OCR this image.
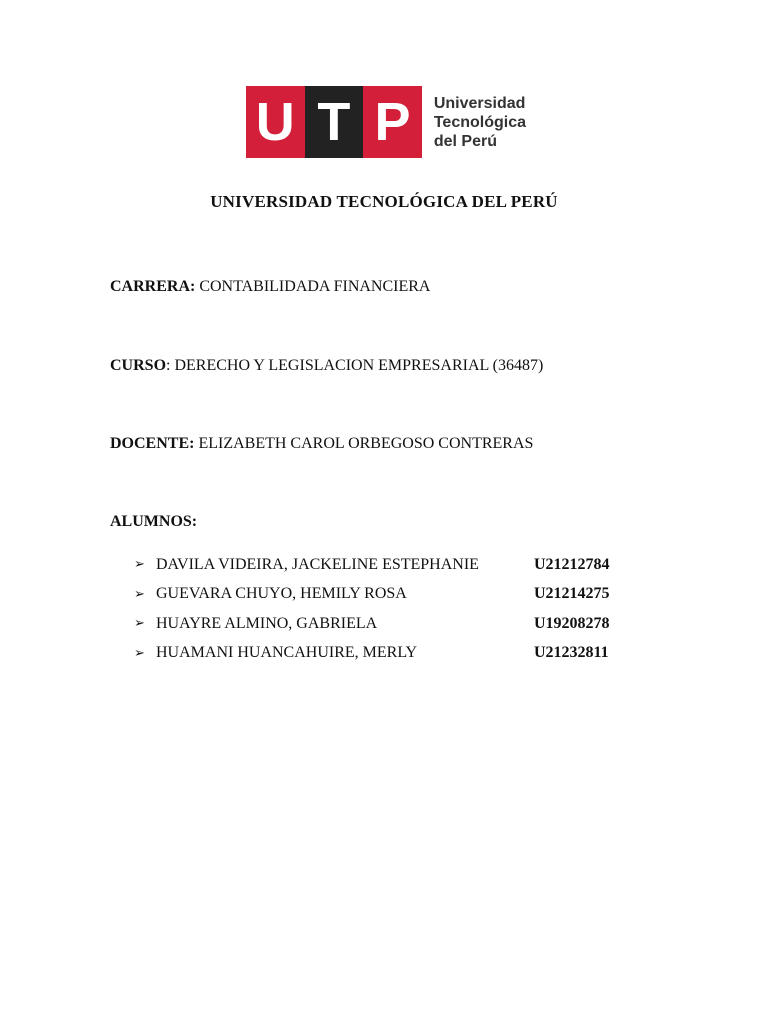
U T P Universidad
Tecnológica
del Perú
UNIVERSIDAD TECNOLÓGICA DEL PERÚ
CARRERA: CONTABILIDADA FINANCIERA
CURSO: DERECHO Y LEGISLACION EMPRESARIAL (36487)
DOCENTE: ELIZABETH CAROL ORBEGOSO CONTRERAS
ALUMNOS:
➢ DAVILA VIDEIRA, JACKELINE ESTEPHANIE	U21212784
➢ GUEVARA CHUYO, HEMILY ROSA	U21214275
➢ HUAYRE ALMINO, GABRIELA	U19208278
➢ HUAMANI HUANCAHUIRE, MERLY	U21232811
